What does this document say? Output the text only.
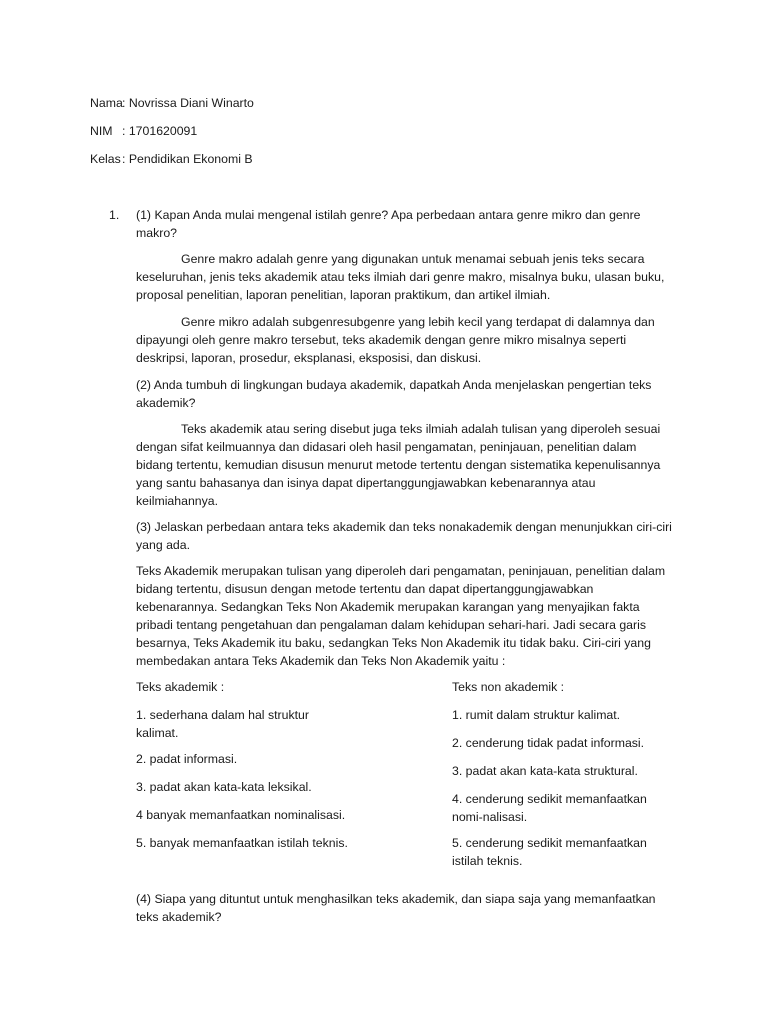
Nama : Novrissa Diani Winarto
NIM : 1701620091
Kelas : Pendidikan Ekonomi B
1. (1) Kapan Anda mulai mengenal istilah genre? Apa perbedaan antara genre mikro dan genre makro?

Genre makro adalah genre yang digunakan untuk menamai sebuah jenis teks secara keseluruhan, jenis teks akademik atau teks ilmiah dari genre makro, misalnya buku, ulasan buku, proposal penelitian, laporan penelitian, laporan praktikum, dan artikel ilmiah.

Genre mikro adalah subgenresubgenre yang lebih kecil yang terdapat di dalamnya dan dipayungi oleh genre makro tersebut, teks akademik dengan genre mikro misalnya seperti deskripsi, laporan, prosedur, eksplanasi, eksposisi, dan diskusi.

(2) Anda tumbuh di lingkungan budaya akademik, dapatkah Anda menjelaskan pengertian teks akademik?

Teks akademik atau sering disebut juga teks ilmiah adalah tulisan yang diperoleh sesuai dengan sifat keilmuannya dan didasari oleh hasil pengamatan, peninjauan, penelitian dalam bidang tertentu, kemudian disusun menurut metode tertentu dengan sistematika kepenulisannya yang santu bahasanya dan isinya dapat dipertanggungjawabkan kebenarannya atau keilmiahannya.

(3) Jelaskan perbedaan antara teks akademik dan teks nonakademik dengan menunjukkan ciri-ciri yang ada.

Teks Akademik merupakan tulisan yang diperoleh dari pengamatan, peninjauan, penelitian dalam bidang tertentu, disusun dengan metode tertentu dan dapat dipertanggungjawabkan kebenarannya. Sedangkan Teks Non Akademik merupakan karangan yang menyajikan fakta pribadi tentang pengetahuan dan pengalaman dalam kehidupan sehari-hari. Jadi secara garis besarnya, Teks Akademik itu baku, sedangkan Teks Non Akademik itu tidak baku. Ciri-ciri yang membedakan antara Teks Akademik dan Teks Non Akademik yaitu :

Teks akademik :

1. sederhana dalam hal struktur kalimat.

2. padat informasi.

3. padat akan kata-kata leksikal.

4 banyak memanfaatkan nominalisasi.

5. banyak memanfaatkan istilah teknis.

Teks non akademik :

1. rumit dalam struktur kalimat.

2. cenderung tidak padat informasi.

3. padat akan kata-kata struktural.

4. cenderung sedikit memanfaatkan nomi-nalisasi.

5. cenderung sedikit memanfaatkan istilah teknis.

(4) Siapa yang dituntut untuk menghasilkan teks akademik, dan siapa saja yang memanfaatkan teks akademik?
